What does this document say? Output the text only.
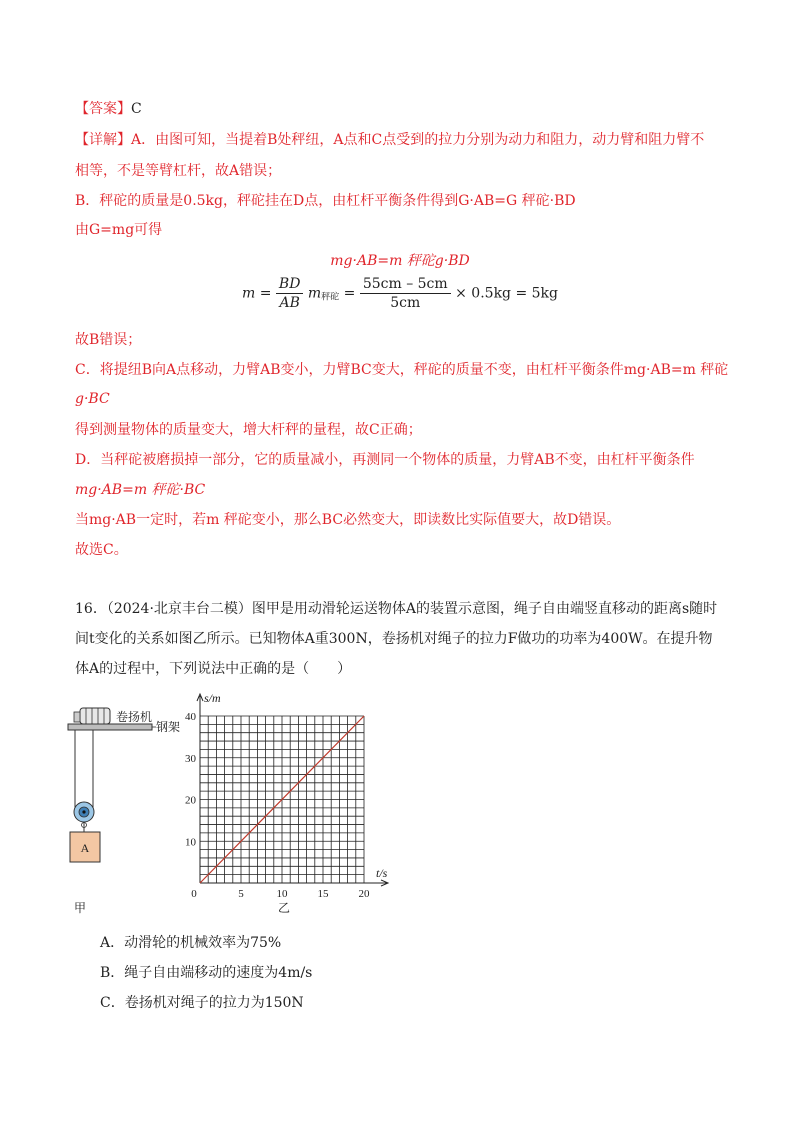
【答案】C
【详解】A．由图可知，当提着B处秤纽，A点和C点受到的拉力分别为动力和阻力，动力臂和阻力臂不
相等，不是等臂杠杆，故A错误；
B．秤砣的质量是0.5kg，秤砣挂在D点，由杠杆平衡条件得到G·AB=G 秤砣·BD
由G=mg可得
mg·AB=m 秤砣g·BD
$m = \frac{BD}{AB} m_{秤砣} = \frac{55cm - 5cm}{5cm} \times 0.5kg = 5kg$
故B错误；
C．将提纽B向A点移动，力臂AB变小，力臂BC变大，秤砣的质量不变，由杠杆平衡条件mg·AB=m 秤砣
g·BC
得到测量物体的质量变大，增大杆秤的量程，故C正确；
D．当秤砣被磨损掉一部分，它的质量减小，再测同一个物体的质量，力臂AB不变，由杠杆平衡条件
mg·AB=m 秤砣·BC
当mg·AB一定时，若m 秤砣变小，那么BC必然变大，即读数比实际值要大，故D错误。
故选C。
16．（2024·北京丰台二模）图甲是用动滑轮运送物体A的装置示意图，绳子自由端竖直移动的距离s随时
间t变化的关系如图乙所示。已知物体A重300N，卷扬机对绳子的拉力F做功的功率为400W。在提升物
体A的过程中，下列说法中正确的是（　　）
卷扬机
钢架
A
甲
10
20
30
40
0	5	10	15	20
s/m
t/s
乙
A．动滑轮的机械效率为75%
B．绳子自由端移动的速度为4m/s
C．卷扬机对绳子的拉力为150N
